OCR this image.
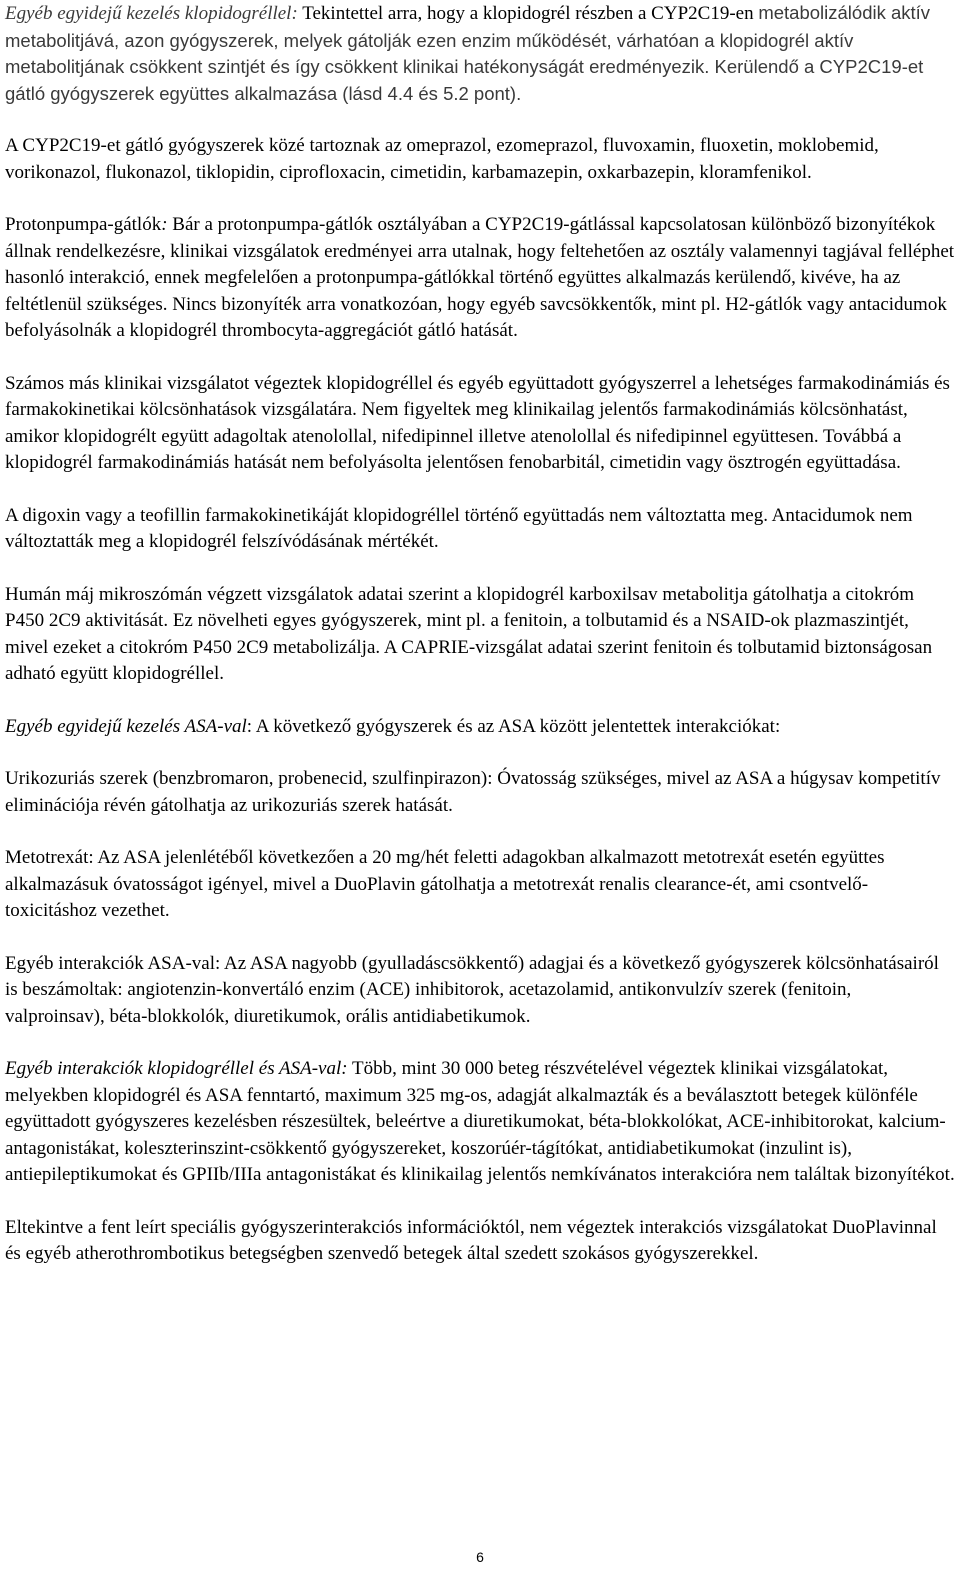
Egyéb egyidejű kezelés klopidogréllel: Tekintettel arra, hogy a klopidogrél részben a CYP2C19-en metabolizálódik aktív metabolitjává, azon gyógyszerek, melyek gátolják ezen enzim működését, várhatóan a klopidogrél aktív metabolitjának csökkent szintjét és így csökkent klinikai hatékonyságát eredményezik. Kerülendő a CYP2C19-et gátló gyógyszerek együttes alkalmazása (lásd 4.4 és 5.2 pont).

A CYP2C19-et gátló gyógyszerek közé tartoznak az omeprazol, ezomeprazol, fluvoxamin, fluoxetin, moklobemid, vorikonazol, flukonazol, tiklopidin, ciprofloxacin, cimetidin, karbamazepin, oxkarbazepin, kloramfenikol.

Protonpumpa-gátlók: Bár a protonpumpa-gátlók osztályában a CYP2C19-gátlással kapcsolatosan különböző bizonyítékok állnak rendelkezésre, klinikai vizsgálatok eredményei arra utalnak, hogy feltehetően az osztály valamennyi tagjával felléphet hasonló interakció, ennek megfelelően a protonpumpa-gátlókkal történő együttes alkalmazás kerülendő, kivéve, ha az feltétlenül szükséges. Nincs bizonyíték arra vonatkozóan, hogy egyéb savcsökkentők, mint pl. H2-gátlók vagy antacidumok befolyásolnák a klopidogrél thrombocyta-aggregációt gátló hatását.

Számos más klinikai vizsgálatot végeztek klopidogréllel és egyéb együttadott gyógyszerrel a lehetséges farmakodinámiás és farmakokinetikai kölcsönhatások vizsgálatára. Nem figyeltek meg klinikailag jelentős farmakodinámiás kölcsönhatást, amikor klopidogrélt együtt adagoltak atenolollal, nifedipinnel illetve atenolollal és nifedipinnel együttesen. Továbbá a klopidogrél farmakodinámiás hatását nem befolyásolta jelentősen fenobarbitál, cimetidin vagy ösztrogén együttadása.

A digoxin vagy a teofillin farmakokinetikáját klopidogréllel történő együttadás nem változtatta meg. Antacidumok nem változtatták meg a klopidogrél felszívódásának mértékét.

Humán máj mikroszómán végzett vizsgálatok adatai szerint a klopidogrél karboxilsav metabolitja gátolhatja a citokróm P450 2C9 aktivitását. Ez növelheti egyes gyógyszerek, mint pl. a fenitoin, a tolbutamid és a NSAID-ok plazmaszintjét, mivel ezeket a citokróm P450 2C9 metabolizálja. A CAPRIE-vizsgálat adatai szerint fenitoin és tolbutamid biztonságosan adható együtt klopidogréllel.

Egyéb egyidejű kezelés ASA-val: A következő gyógyszerek és az ASA között jelentettek interakciókat:

Urikozuriás szerek (benzbromaron, probenecid, szulfinpirazon): Óvatosság szükséges, mivel az ASA a húgysav kompetitív eliminációja révén gátolhatja az urikozuriás szerek hatását.

Metotrexát: Az ASA jelenlétéből következően a 20 mg/hét feletti adagokban alkalmazott metotrexát esetén együttes alkalmazásuk óvatosságot igényel, mivel a DuoPlavin gátolhatja a metotrexát renalis clearance-ét, ami csontvelő-toxicitáshoz vezethet.

Egyéb interakciók ASA-val: Az ASA nagyobb (gyulladáscsökkentő) adagjai és a következő gyógyszerek kölcsönhatásairól is beszámoltak: angiotenzin-konvertáló enzim (ACE) inhibitorok, acetazolamid, antikonvulzív szerek (fenitoin, valproinsav), béta-blokkolók, diuretikumok, orális antidiabetikumok.

Egyéb interakciók klopidogréllel és ASA-val: Több, mint 30 000 beteg részvételével végeztek klinikai vizsgálatokat, melyekben klopidogrél és ASA fenntartó, maximum 325 mg-os, adagját alkalmazták és a beválasztott betegek különféle együttadott gyógyszeres kezelésben részesültek, beleértve a diuretikumokat, béta-blokkolókat, ACE-inhibitorokat, kalcium-antagonistákat, koleszterinszint-csökkentő gyógyszereket, koszorúér-tágítókat, antidiabetikumokat (inzulint is), antiepileptikumokat és GPIIb/IIIa antagonistákat és klinikailag jelentős nemkívánatos interakcióra nem találtak bizonyítékot.

Eltekintve a fent leírt speciális gyógyszerinterakciós információktól, nem végeztek interakciós vizsgálatokat DuoPlavinnal és egyéb atherothrombotikus betegségben szenvedő betegek által szedett szokásos gyógyszerekkel.

6
